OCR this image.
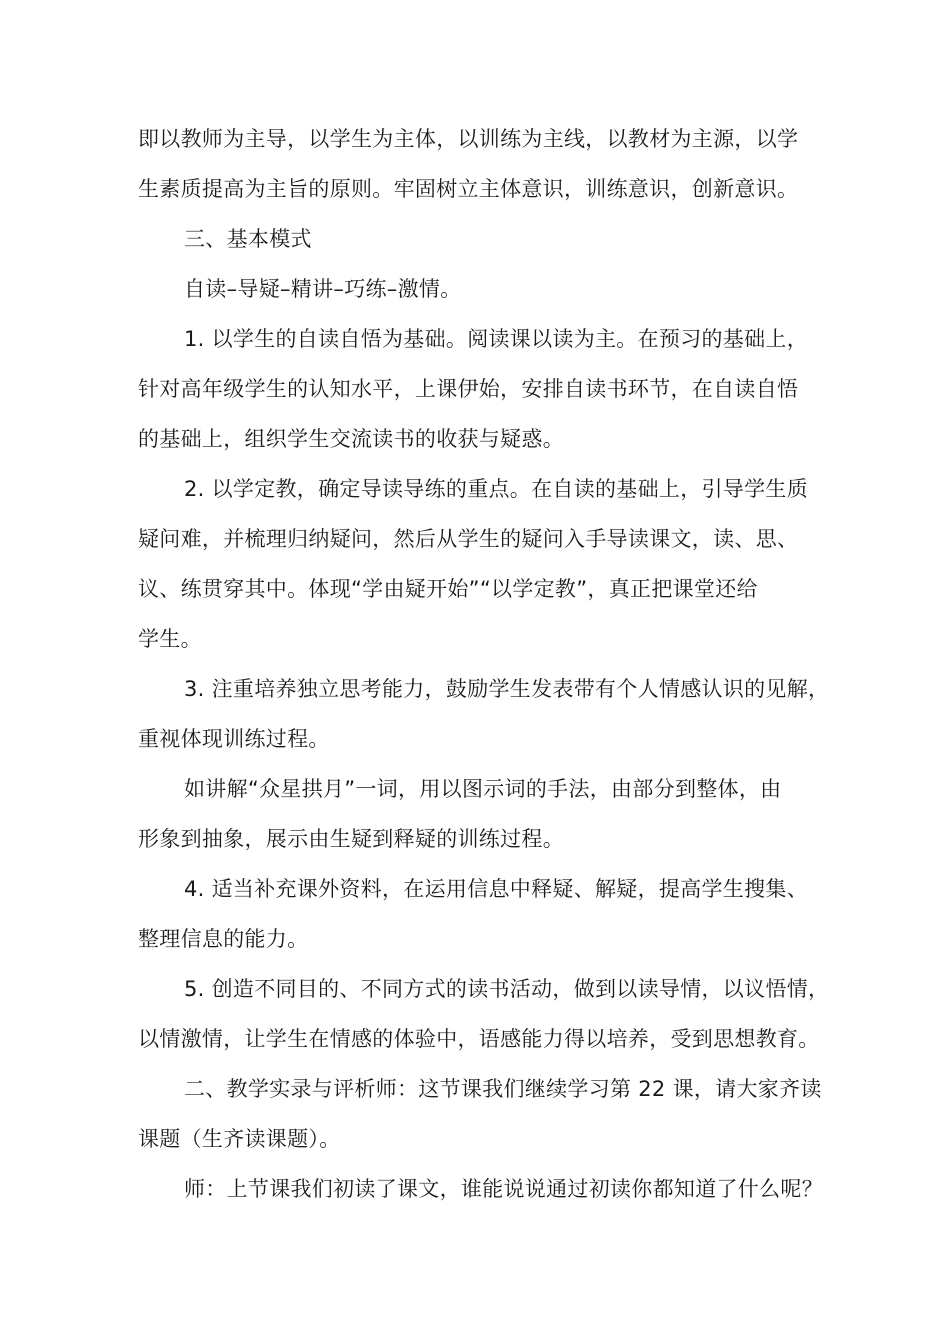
即以教师为主导，以学生为主体，以训练为主线，以教材为主源，以学
生素质提高为主旨的原则。牢固树立主体意识，训练意识，创新意识。
三、基本模式
自读–导疑–精讲–巧练–激情。
1. 以学生的自读自悟为基础。阅读课以读为主。在预习的基础上，
针对高年级学生的认知水平，上课伊始，安排自读书环节，在自读自悟
的基础上，组织学生交流读书的收获与疑惑。
2. 以学定教，确定导读导练的重点。在自读的基础上，引导学生质
疑问难，并梳理归纳疑问，然后从学生的疑问入手导读课文，读、思、
议、练贯穿其中。体现“学由疑开始”“以学定教”，真正把课堂还给
学生。
3. 注重培养独立思考能力，鼓励学生发表带有个人情感认识的见解，
重视体现训练过程。
如讲解“众星拱月”一词，用以图示词的手法，由部分到整体，由
形象到抽象，展示由生疑到释疑的训练过程。
4. 适当补充课外资料，在运用信息中释疑、解疑，提高学生搜集、
整理信息的能力。
5. 创造不同目的、不同方式的读书活动，做到以读导情，以议悟情，
以情激情，让学生在情感的体验中，语感能力得以培养，受到思想教育。
二、教学实录与评析师：这节课我们继续学习第 22 课，请大家齐读
课题（生齐读课题）。
师：上节课我们初读了课文，谁能说说通过初读你都知道了什么呢？
